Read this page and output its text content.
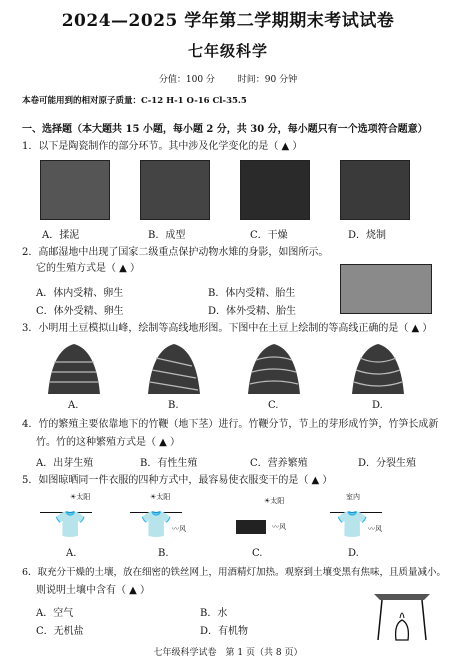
2024—2025 学年第二学期期末考试试卷
七年级科学
分值：100 分	时间：90 分钟
本卷可能用到的相对原子质量：C-12 H-1 O-16 Cl-35.5
一、选择题（本大题共 15 小题，每小题 2 分，共 30 分，每小题只有一个选项符合题意）
1．以下是陶瓷制作的部分环节。其中涉及化学变化的是（ ▲ ）
A．揉泥	B．成型	C．干燥	D．烧制
2．高邮湿地中出现了国家二级重点保护动物水雉的身影，如图所示。
它的生殖方式是（ ▲ ）
A．体内受精、卵生	B．体内受精、胎生
C．体外受精、卵生	D．体外受精、胎生
3．小明用土豆模拟山峰，绘制等高线地形图。下图中在土豆上绘制的等高线正确的是（ ▲ ）
A.	B.	C.	D.
4．竹的繁殖主要依靠地下的竹鞭（地下茎）进行。竹鞭分节，节上的芽形成竹笋，竹笋长成新
竹。竹的这种繁殖方式是（ ▲ ）
A．出芽生殖	B．有性生殖	C．营养繁殖	D．分裂生殖
5．如图晾晒同一件衣服的四种方式中，最容易使衣服变干的是（ ▲ ）
☀太阳
👕
☀太阳
👕 〰风
☀太阳
〰风
室内
👕 〰风
A.	B.	C.	D.
6．取充分干燥的土壤，放在细密的铁丝网上，用酒精灯加热。观察到土壤变黑有焦味，且质量减小。
则说明土壤中含有（ ▲ ）
A．空气	B．水
C．无机盐	D．有机物
七年级科学试卷　第 1 页（共 8 页）
